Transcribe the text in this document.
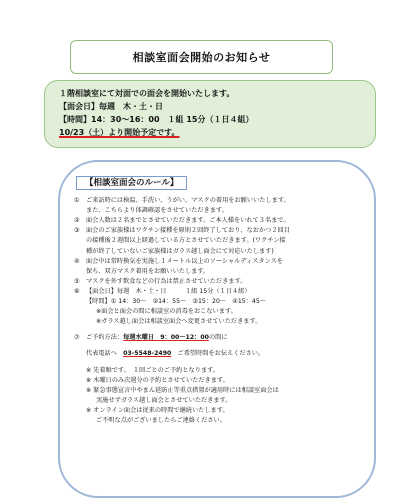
相談室面会開始のお知らせ
１階相談室にて対面での面会を開始いたします。
【面会日】毎週　木・土・日
【時間】14：30～16：00　１組 15分（１日４組）
10/23（土）より開始予定です。
【相談室面会のルール】
① ご来訪時には検温、手洗い、うがい、マスクの着用をお願いいたします。
また、こちらより体調確認をさせていただきます。
② 面会人数は２名までとさせていただきます。ご本人様をいれて３名まで。
③ 面会のご家族様はワクチン接種を原則２回終了しており、なおかつ２回目
の接種後２週間以上経過している方とさせていただきます。(ワクチン接
種が終了していないご家族様はガラス越し面会にて対応いたします)
④ 面会中は常時換気を実施し１メートル以上のソーシャルディスタンスを
保ち、双方マスク着用をお願いいたします。
⑤ マスクを外す飲食などの行為は禁止させていただきます。
⑥ 【面会日】毎週　木・土・日　　　１組 15分（１日４組）
【時間】① 14：30～　②14：55～　③15：20～　④15：45～
※面会と面会の間に相談室の消毒をおこないます。
※ガラス越し面会は相談室面会へ変更させていただきます。
⑦ ご予約方法：毎週水曜日　9：00～12：00の間に
代表電話へ　 03-5548-2490　 ご希望時間をお伝えください。
※ 先着順です。　１回ごとのご予約となります。
※ 木曜日のみ次週分の予約とさせていただきます。
※ 緊急事態宣言中やまん延防止等重点措置が適用時には相談室面会は
実施せずガラス越し面会とさせていただきます。
※ オンライン面会は従来の時間で継続いたします。
ご不明な点がございましたらご連絡ください。
